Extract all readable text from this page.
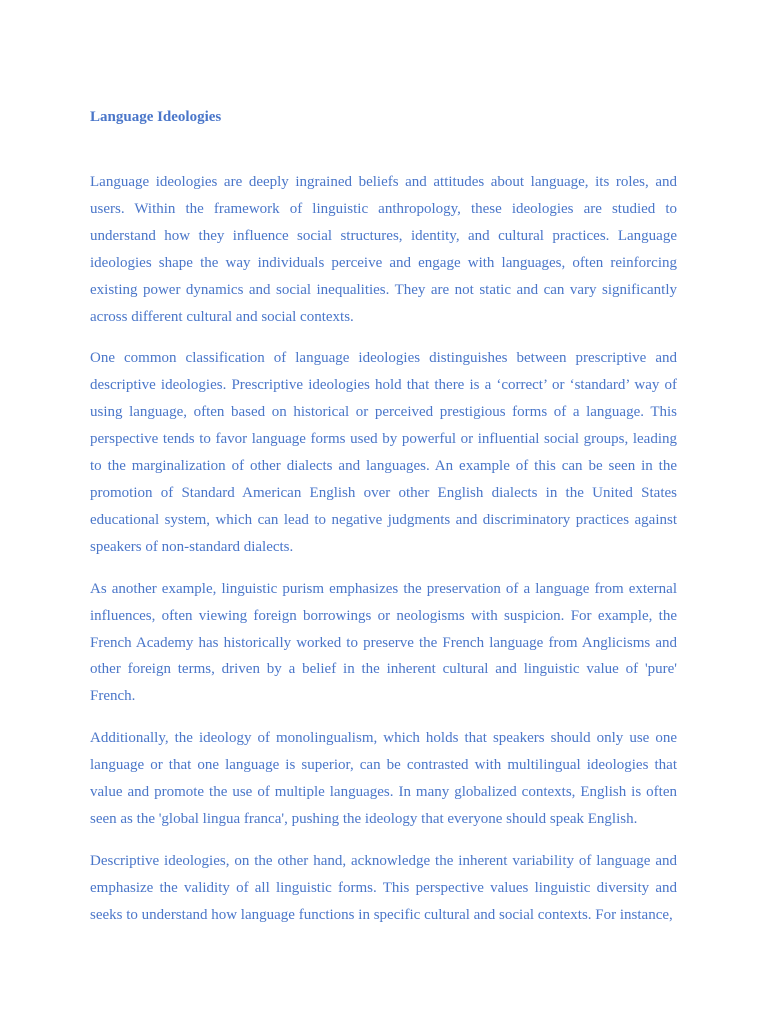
Language Ideologies

Language ideologies are deeply ingrained beliefs and attitudes about language, its roles, and users. Within the framework of linguistic anthropology, these ideologies are studied to understand how they influence social structures, identity, and cultural practices. Language ideologies shape the way individuals perceive and engage with languages, often reinforcing existing power dynamics and social inequalities. They are not static and can vary significantly across different cultural and social contexts.

One common classification of language ideologies distinguishes between prescriptive and descriptive ideologies. Prescriptive ideologies hold that there is a ‘correct’ or ‘standard’ way of using language, often based on historical or perceived prestigious forms of a language. This perspective tends to favor language forms used by powerful or influential social groups, leading to the marginalization of other dialects and languages. An example of this can be seen in the promotion of Standard American English over other English dialects in the United States educational system, which can lead to negative judgments and discriminatory practices against speakers of non-standard dialects.

As another example, linguistic purism emphasizes the preservation of a language from external influences, often viewing foreign borrowings or neologisms with suspicion. For example, the French Academy has historically worked to preserve the French language from Anglicisms and other foreign terms, driven by a belief in the inherent cultural and linguistic value of 'pure' French.

Additionally, the ideology of monolingualism, which holds that speakers should only use one language or that one language is superior, can be contrasted with multilingual ideologies that value and promote the use of multiple languages. In many globalized contexts, English is often seen as the 'global lingua franca', pushing the ideology that everyone should speak English.

Descriptive ideologies, on the other hand, acknowledge the inherent variability of language and emphasize the validity of all linguistic forms. This perspective values linguistic diversity and seeks to understand how language functions in specific cultural and social contexts. For instance,
